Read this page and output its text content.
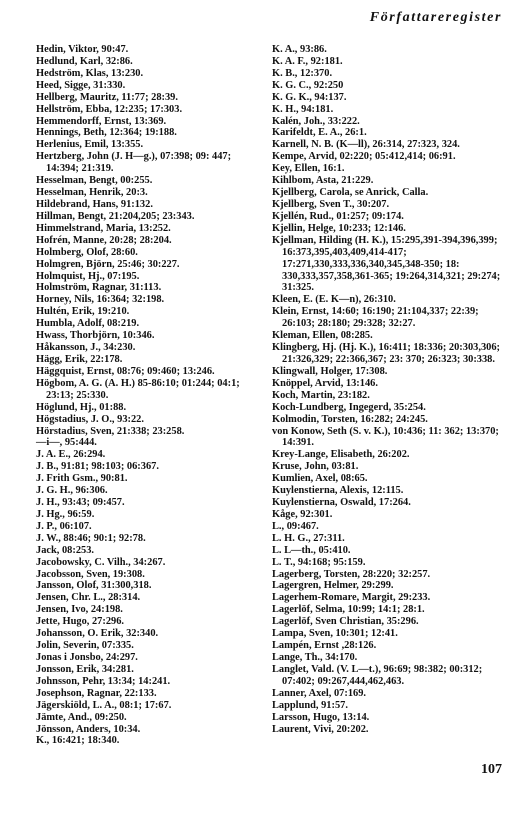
Författareregister
Hedin, Viktor, 90:47.
Hedlund, Karl, 32:86.
Hedström, Klas, 13:230.
Heed, Sigge, 31:330.
Hellberg, Mauritz, 11:77; 28:39.
Hellström, Ebba, 12:235; 17:303.
Hemmendorff, Ernst, 13:369.
Hennings, Beth, 12:364; 19:188.
Herlenius, Emil, 13:355.
Hertzberg, John (J. H—g.), 07:398; 09: 447; 14:394; 21:319.
Hesselman, Bengt, 00:255.
Hesselman, Henrik, 20:3.
Hildebrand, Hans, 91:132.
Hillman, Bengt, 21:204,205; 23:343.
Himmelstrand, Maria, 13:252.
Hofrén, Manne, 20:28; 28:204.
Holmberg, Olof, 28:60.
Holmgren, Björn, 25:46; 30:227.
Holmquist, Hj., 07:195.
Holmström, Ragnar, 31:113.
Horney, Nils, 16:364; 32:198.
Hultén, Erik, 19:210.
Humbla, Adolf, 08:219.
Hwass, Thorbjörn, 10:346.
Håkansson, J., 34:230.
Hägg, Erik, 22:178.
Häggquist, Ernst, 08:76; 09:460; 13:246.
Högbom, A. G. (A. H.) 85-86:10; 01:244; 04:1; 23:13; 25:330.
Höglund, Hj., 01:88.
Högstadius, J. O., 93:22.
Hörstadius, Sven, 21:338; 23:258.
—i—, 95:444.
J. A. E., 26:294.
J. B., 91:81; 98:103; 06:367.
J. Frith Gsm., 90:81.
J. G. H., 96:306.
J. H., 93:43; 09:457.
J. Hg., 96:59.
J. P., 06:107.
J. W., 88:46; 90:1; 92:78.
Jack, 08:253.
Jacobowsky, C. Vilh., 34:267.
Jacobsson, Sven, 19:308.
Jansson, Olof, 31:300,318.
Jensen, Chr. L., 28:314.
Jensen, Ivo, 24:198.
Jette, Hugo, 27:296.
Johansson, O. Erik, 32:340.
Jolin, Severin, 07:335.
Jonas i Jonsbo, 24:297.
Jonsson, Erik, 34:281.
Johnsson, Pehr, 13:34; 14:241.
Josephson, Ragnar, 22:133.
Jägerskiöld, L. A., 08:1; 17:67.
Jämte, And., 09:250.
Jönsson, Anders, 10:34.
K., 16:421; 18:340.
K. A., 93:86.
K. A. F., 92:181.
K. B., 12:370.
K. G. C., 92:250
K. G. K., 94:137.
K. H., 94:181.
Kalén, Joh., 33:222.
Karifeldt, E. A., 26:1.
Karnell, N. B. (K—ll), 26:314, 27:323, 324.
Kempe, Arvid, 02:220; 05:412,414; 06:91.
Key, Ellen, 16:1.
Kihlbom, Asta, 21:229.
Kjellberg, Carola, se Anrick, Calla.
Kjellberg, Sven T., 30:207.
Kjellén, Rud., 01:257; 09:174.
Kjellin, Helge, 10:233; 12:146.
Kjellman, Hilding (H. K.), 15:295,391-394,396,399; 16:373,395,403,409,414-417; 17:271,330,333,336,340,345,348-350; 18: 330,333,357,358,361-365; 19:264,314,321; 29:274; 31:325.
Kleen, E. (E. K—n), 26:310.
Klein, Ernst, 14:60; 16:190; 21:104,337; 22:39; 26:103; 28:180; 29:328; 32:27.
Kleman, Ellen, 08:285.
Klingberg, Hj. (Hj. K.), 16:411; 18:336; 20:303,306; 21:326,329; 22:366,367; 23: 370; 26:323; 30:338.
Klingwall, Holger, 17:308.
Knöppel, Arvid, 13:146.
Koch, Martin, 23:182.
Koch-Lundberg, Ingegerd, 35:254.
Kolmodin, Torsten, 16:282; 24:245.
von Konow, Seth (S. v. K.), 10:436; 11: 362; 13:370; 14:391.
Krey-Lange, Elisabeth, 26:202.
Kruse, John, 03:81.
Kumlien, Axel, 08:65.
Kuylenstierna, Alexis, 12:115.
Kuylenstierna, Oswald, 17:264.
Kåge, 92:301.
L., 09:467.
L. H. G., 27:311.
L. L—th., 05:410.
L. T., 94:168; 95:159.
Lagerberg, Torsten, 28:220; 32:257.
Lagergren, Helmer, 29:299.
Lagerhem-Romare, Margit, 29:233.
Lagerlöf, Selma, 10:99; 14:1; 28:1.
Lagerlöf, Sven Christian, 35:296.
Lampa, Sven, 10:301; 12:41.
Lampén, Ernst ,28:126.
Lange, Th., 34:170.
Langlet, Vald. (V. L—t.), 96:69; 98:382; 00:312; 07:402; 09:267,444,462,463.
Lanner, Axel, 07:169.
Lapplund, 91:57.
Larsson, Hugo, 13:14.
Laurent, Vivi, 20:202.
107
